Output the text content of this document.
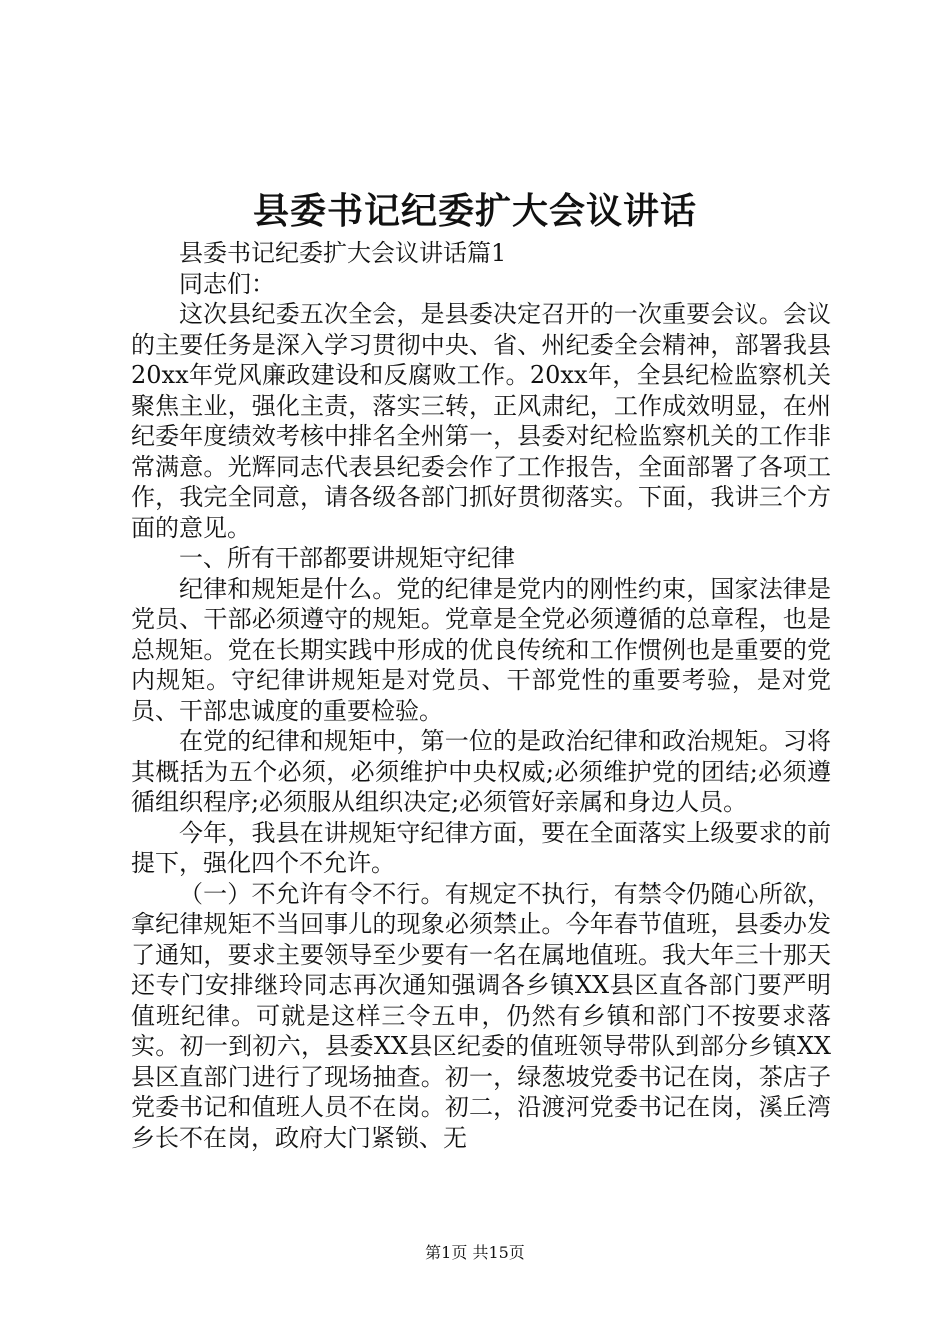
县委书记纪委扩大会议讲话

县委书记纪委扩大会议讲话篇1

同志们：

这次县纪委五次全会，是县委决定召开的一次重要会议。会议的主要任务是深入学习贯彻中央、省、州纪委全会精神，部署我县20xx年党风廉政建设和反腐败工作。20xx年，全县纪检监察机关聚焦主业，强化主责，落实三转，正风肃纪，工作成效明显，在州纪委年度绩效考核中排名全州第一，县委对纪检监察机关的工作非常满意。光辉同志代表县纪委会作了工作报告，全面部署了各项工作，我完全同意，请各级各部门抓好贯彻落实。下面，我讲三个方面的意见。

一、所有干部都要讲规矩守纪律

纪律和规矩是什么。党的纪律是党内的刚性约束，国家法律是党员、干部必须遵守的规矩。党章是全党必须遵循的总章程，也是总规矩。党在长期实践中形成的优良传统和工作惯例也是重要的党内规矩。守纪律讲规矩是对党员、干部党性的重要考验，是对党员、干部忠诚度的重要检验。

在党的纪律和规矩中，第一位的是政治纪律和政治规矩。习将其概括为五个必须，必须维护中央权威;必须维护党的团结;必须遵循组织程序;必须服从组织决定;必须管好亲属和身边人员。

今年，我县在讲规矩守纪律方面，要在全面落实上级要求的前提下，强化四个不允许。

（一）不允许有令不行。有规定不执行，有禁令仍随心所欲，拿纪律规矩不当回事儿的现象必须禁止。今年春节值班，县委办发了通知，要求主要领导至少要有一名在属地值班。我大年三十那天还专门安排继玲同志再次通知强调各乡镇XX县区直各部门要严明值班纪律。可就是这样三令五申，仍然有乡镇和部门不按要求落实。初一到初六，县委XX县区纪委的值班领导带队到部分乡镇XX县区直部门进行了现场抽查。初一，绿葱坡党委书记在岗，茶店子党委书记和值班人员不在岗。初二，沿渡河党委书记在岗，溪丘湾乡长不在岗，政府大门紧锁、无

第1页 共15页
